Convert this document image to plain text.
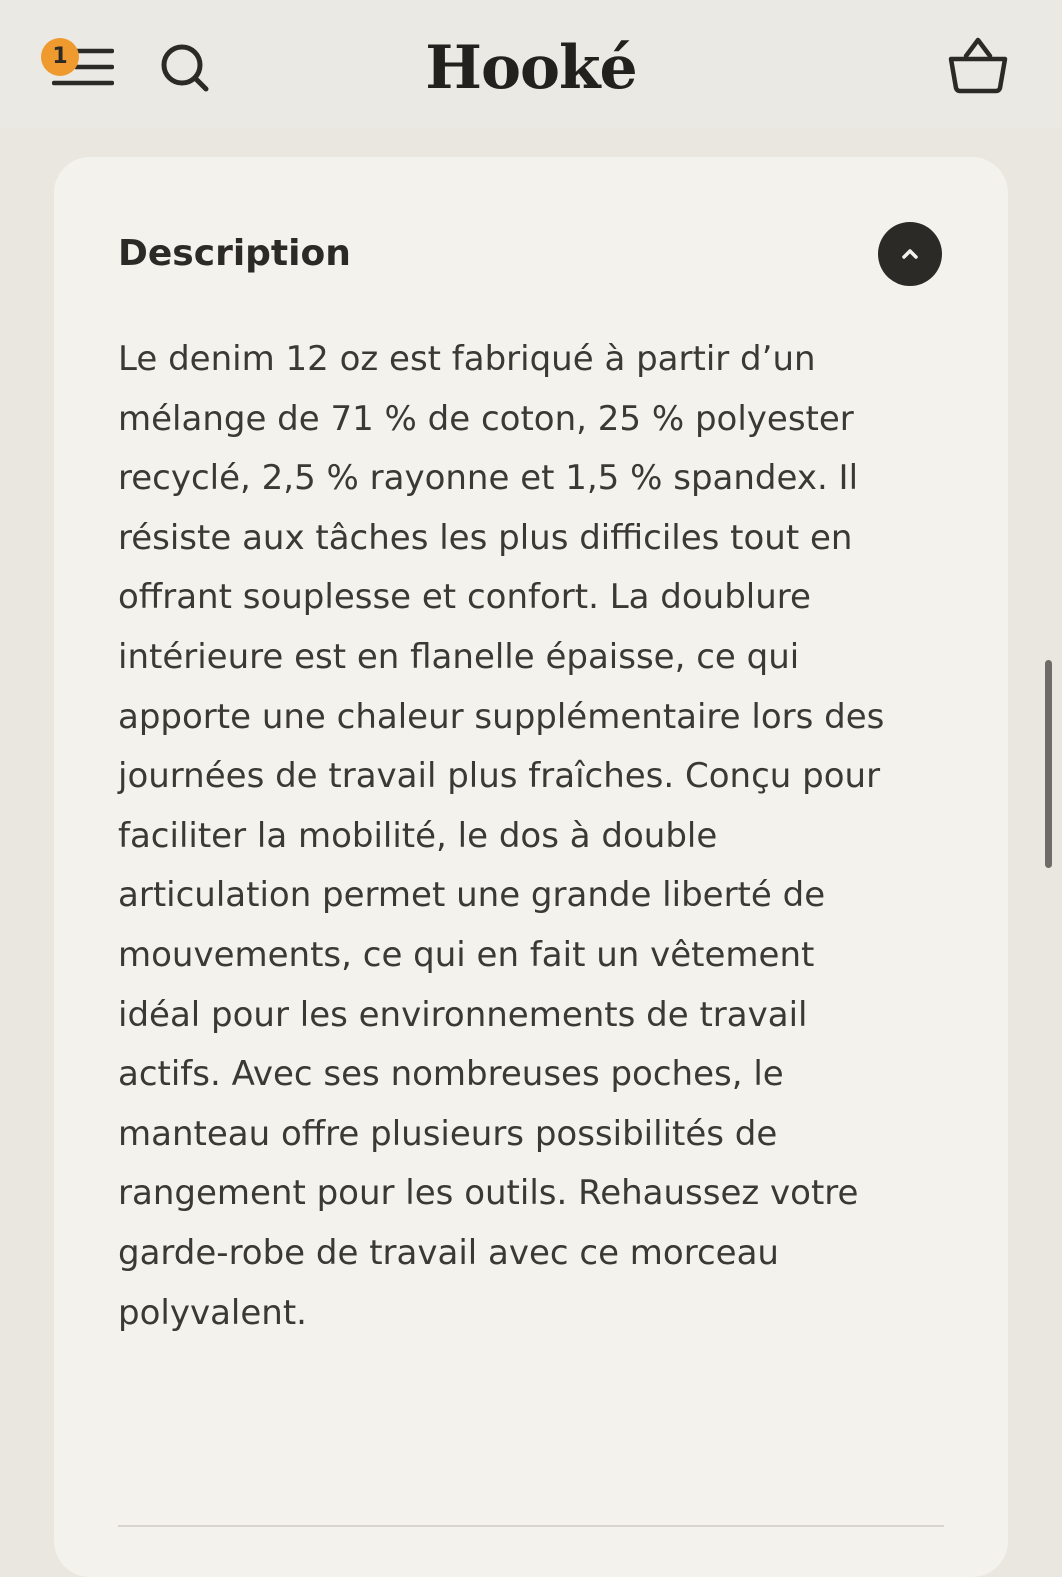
1	Hooké
Description

Le denim 12 oz est fabriqué à partir d’un mélange de 71 % de coton, 25 % polyester recyclé, 2,5 % rayonne et 1,5 % spandex. Il résiste aux tâches les plus difficiles tout en offrant souplesse et confort. La doublure intérieure est en flanelle épaisse, ce qui apporte une chaleur supplémentaire lors des journées de travail plus fraîches. Conçu pour faciliter la mobilité, le dos à double articulation permet une grande liberté de mouvements, ce qui en fait un vêtement idéal pour les environnements de travail actifs. Avec ses nombreuses poches, le manteau offre plusieurs possibilités de rangement pour les outils. Rehaussez votre garde-robe de travail avec ce morceau polyvalent.
